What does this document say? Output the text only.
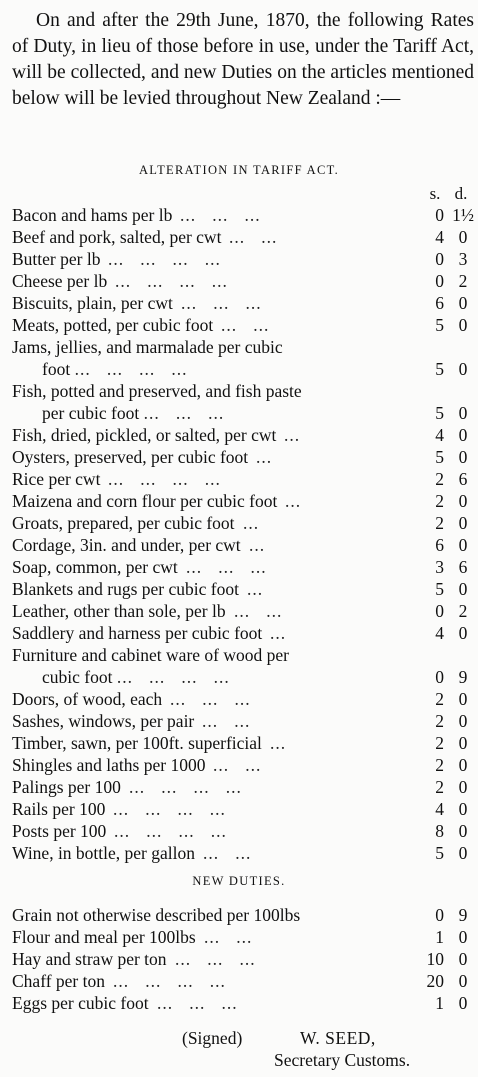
On and after the 29th June, 1870, the following Rates of Duty, in lieu of those before in use, under the Tariff Act, will be collected, and new Duties on the articles mentioned below will be levied throughout New Zealand :—

ALTERATION IN TARIFF ACT.
s. d.
Bacon and hams per lb ...   ...   ...	0 1½
Beef and pork, salted, per cwt ...   ...	4 0
Butter per lb ...   ...   ...   ...	0 3
Cheese per lb ...   ...   ...   ...	0 2
Biscuits, plain, per cwt ...   ...   ...	6 0
Meats, potted, per cubic foot ...   ...	5 0
Jams, jellies, and marmalade per cubic
foot ...   ...   ...   ...	5 0
Fish, potted and preserved, and fish paste
per cubic foot ...   ...   ...	5 0
Fish, dried, pickled, or salted, per cwt ...	4 0
Oysters, preserved, per cubic foot ...	5 0
Rice per cwt ...   ...   ...   ...	2 6
Maizena and corn flour per cubic foot ...	2 0
Groats, prepared, per cubic foot ...	2 0
Cordage, 3in. and under, per cwt ...	6 0
Soap, common, per cwt ...   ...   ...	3 6
Blankets and rugs per cubic foot ...	5 0
Leather, other than sole, per lb ...   ...	0 2
Saddlery and harness per cubic foot ...	4 0
Furniture and cabinet ware of wood per
cubic foot ...   ...   ...   ...	0 9
Doors, of wood, each ...   ...   ...	2 0
Sashes, windows, per pair ...   ...	2 0
Timber, sawn, per 100ft. superficial ...	2 0
Shingles and laths per 1000 ...   ...	2 0
Palings per 100 ...   ...   ...   ...	2 0
Rails per 100 ...   ...   ...   ...	4 0
Posts per 100 ...   ...   ...   ...	8 0
Wine, in bottle, per gallon ...   ...	5 0
NEW DUTIES.
Grain not otherwise described per 100lbs	0 9
Flour and meal per 100lbs ...   ...	1 0
Hay and straw per ton ...   ...   ...	10 0
Chaff per ton ...   ...   ...   ...	20 0
Eggs per cubic foot ...   ...   ...	1 0
(Signed)	W. SEED,
Secretary Customs.
